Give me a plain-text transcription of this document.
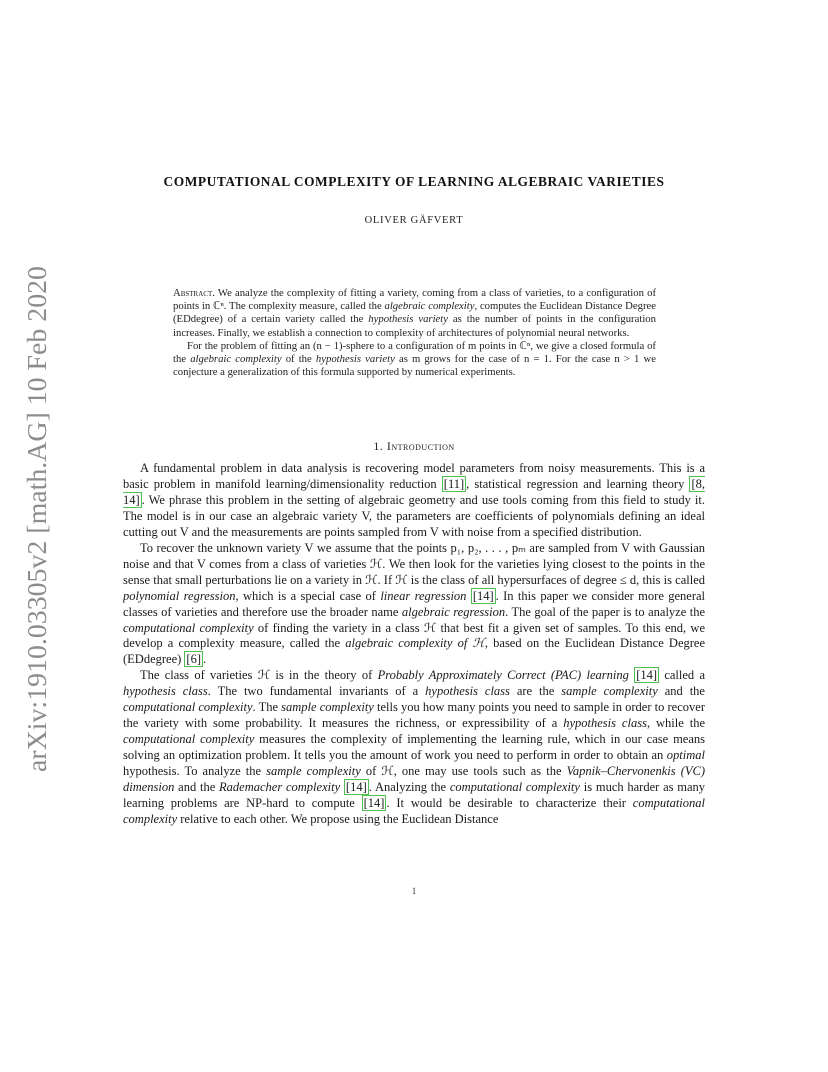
arXiv:1910.03305v2 [math.AG] 10 Feb 2020
COMPUTATIONAL COMPLEXITY OF LEARNING ALGEBRAIC VARIETIES
OLIVER GÄFVERT

Abstract. We analyze the complexity of fitting a variety, coming from a class of varieties, to a configuration of points in ℂⁿ. The complexity measure, called the algebraic complexity, computes the Euclidean Distance Degree (EDdegree) of a certain variety called the hypothesis variety as the number of points in the configuration increases. Finally, we establish a connection to complexity of architectures of polynomial neural networks.

For the problem of fitting an (n − 1)-sphere to a configuration of m points in ℂⁿ, we give a closed formula of the algebraic complexity of the hypothesis variety as m grows for the case of n = 1. For the case n > 1 we conjecture a generalization of this formula supported by numerical experiments.

1. Introduction

A fundamental problem in data analysis is recovering model parameters from noisy measurements. This is a basic problem in manifold learning/dimensionality reduction [11] , statistical regression and learning theory [8, 14] . We phrase this problem in the setting of algebraic geometry and use tools coming from this field to study it. The model is in our case an algebraic variety V, the parameters are coefficients of polynomials defining an ideal cutting out V and the measurements are points sampled from V with noise from a specified distribution.

To recover the unknown variety V we assume that the points p₁, p₂, . . . , pₘ are sampled from V with Gaussian noise and that V comes from a class of varieties ℋ. We then look for the varieties lying closest to the points in the sense that small perturbations lie on a variety in ℋ. If ℋ is the class of all hypersurfaces of degree ≤ d, this is called polynomial regression, which is a special case of linear regression [14] . In this paper we consider more general classes of varieties and therefore use the broader name algebraic regression. The goal of the paper is to analyze the computational complexity of finding the variety in a class ℋ that best fit a given set of samples. To this end, we develop a complexity measure, called the algebraic complexity of ℋ, based on the Euclidean Distance Degree (EDdegree) [6] .

The class of varieties ℋ is in the theory of Probably Approximately Correct (PAC) learning [14] called a hypothesis class. The two fundamental invariants of a hypothesis class are the sample complexity and the computational complexity. The sample complexity tells you how many points you need to sample in order to recover the variety with some probability. It measures the richness, or expressibility of a hypothesis class, while the computational complexity measures the complexity of implementing the learning rule, which in our case means solving an optimization problem. It tells you the amount of work you need to perform in order to obtain an optimal hypothesis. To analyze the sample complexity of ℋ, one may use tools such as the Vapnik–Chervonenkis (VC) dimension and the Rademacher complexity [14] . Analyzing the computational complexity is much harder as many learning problems are NP-hard to compute [14] . It would be desirable to characterize their computational complexity relative to each other. We propose using the Euclidean Distance

1
